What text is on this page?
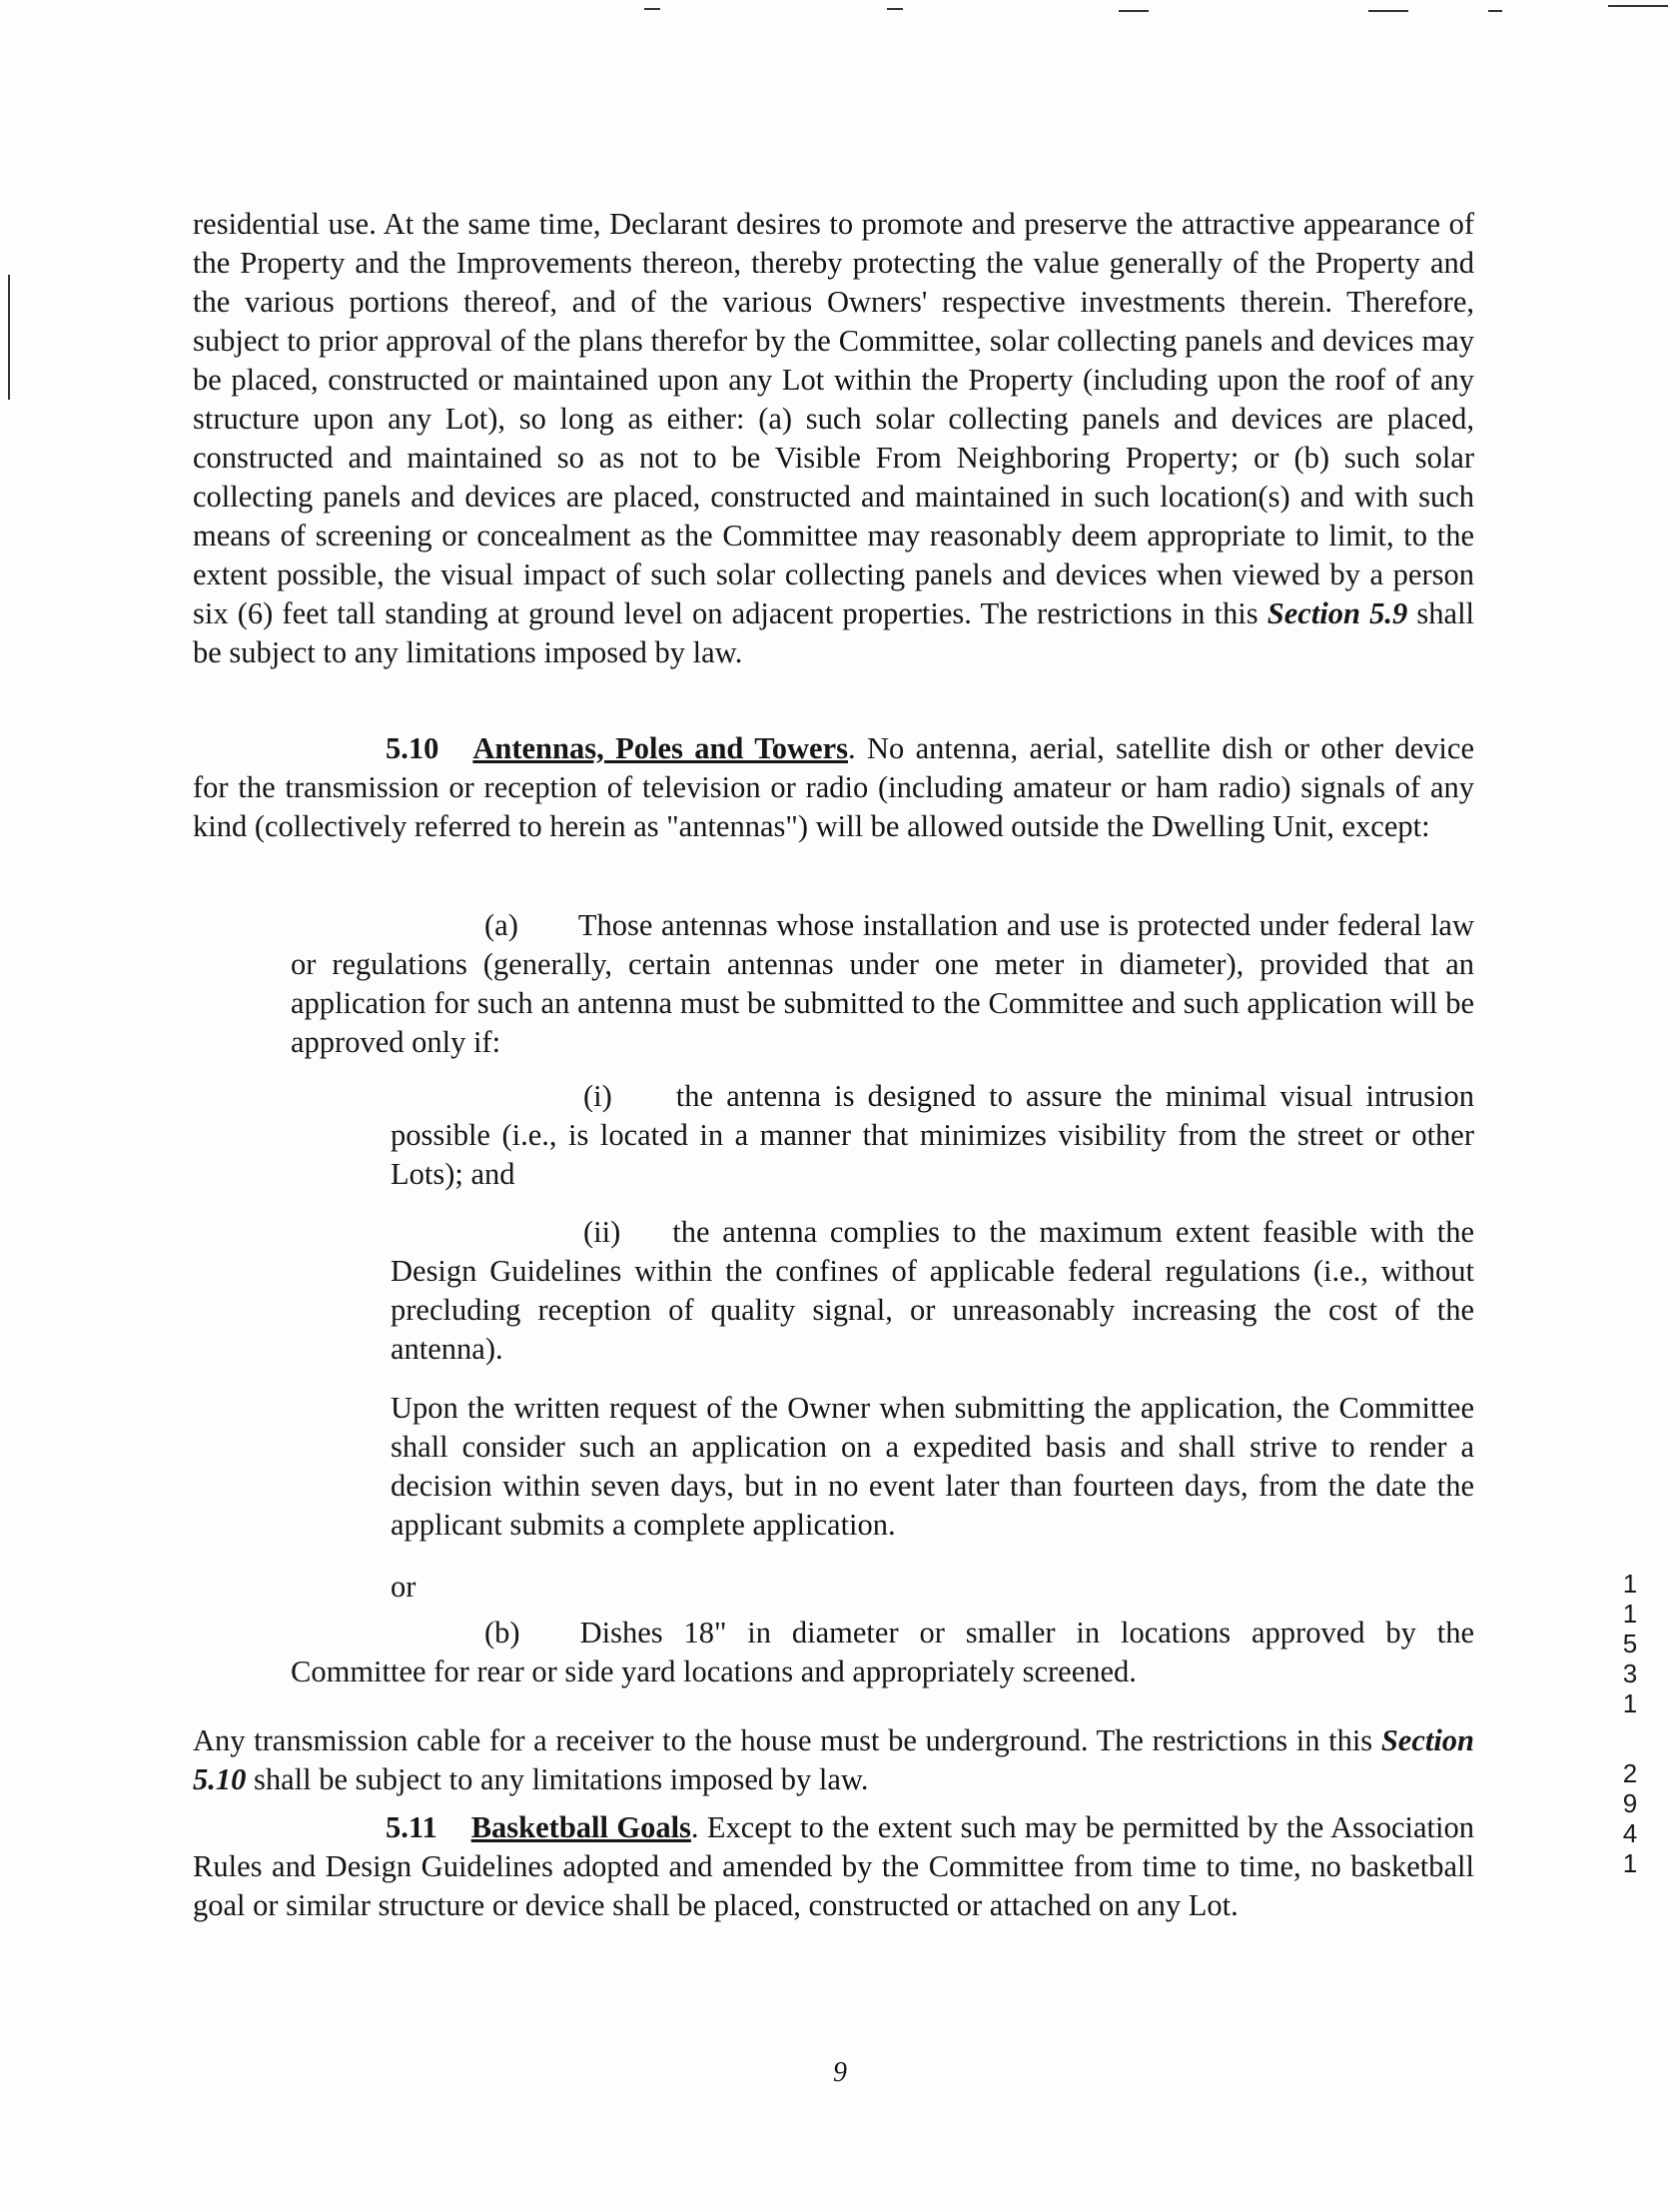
residential use. At the same time, Declarant desires to promote and preserve the attractive appearance of the Property and the Improvements thereon, thereby protecting the value generally of the Property and the various portions thereof, and of the various Owners' respective investments therein. Therefore, subject to prior approval of the plans therefor by the Committee, solar collecting panels and devices may be placed, constructed or maintained upon any Lot within the Property (including upon the roof of any structure upon any Lot), so long as either: (a) such solar collecting panels and devices are placed, constructed and maintained so as not to be Visible From Neighboring Property; or (b) such solar collecting panels and devices are placed, constructed and maintained in such location(s) and with such means of screening or concealment as the Committee may reasonably deem appropriate to limit, to the extent possible, the visual impact of such solar collecting panels and devices when viewed by a person six (6) feet tall standing at ground level on adjacent properties. The restrictions in this Section 5.9 shall be subject to any limitations imposed by law.
5.10 Antennas, Poles and Towers. No antenna, aerial, satellite dish or other device for the transmission or reception of television or radio (including amateur or ham radio) signals of any kind (collectively referred to herein as "antennas") will be allowed outside the Dwelling Unit, except:
(a) Those antennas whose installation and use is protected under federal law or regulations (generally, certain antennas under one meter in diameter), provided that an application for such an antenna must be submitted to the Committee and such application will be approved only if:
(i) the antenna is designed to assure the minimal visual intrusion possible (i.e., is located in a manner that minimizes visibility from the street or other Lots); and
(ii) the antenna complies to the maximum extent feasible with the Design Guidelines within the confines of applicable federal regulations (i.e., without precluding reception of quality signal, or unreasonably increasing the cost of the antenna).
Upon the written request of the Owner when submitting the application, the Committee shall consider such an application on a expedited basis and shall strive to render a decision within seven days, but in no event later than fourteen days, from the date the applicant submits a complete application.
or
(b) Dishes 18" in diameter or smaller in locations approved by the Committee for rear or side yard locations and appropriately screened.
Any transmission cable for a receiver to the house must be underground. The restrictions in this Section 5.10 shall be subject to any limitations imposed by law.
5.11 Basketball Goals. Except to the extent such may be permitted by the Association Rules and Design Guidelines adopted and amended by the Committee from time to time, no basketball goal or similar structure or device shall be placed, constructed or attached on any Lot.
9
1
1
5
3
1
2
9
4
1
